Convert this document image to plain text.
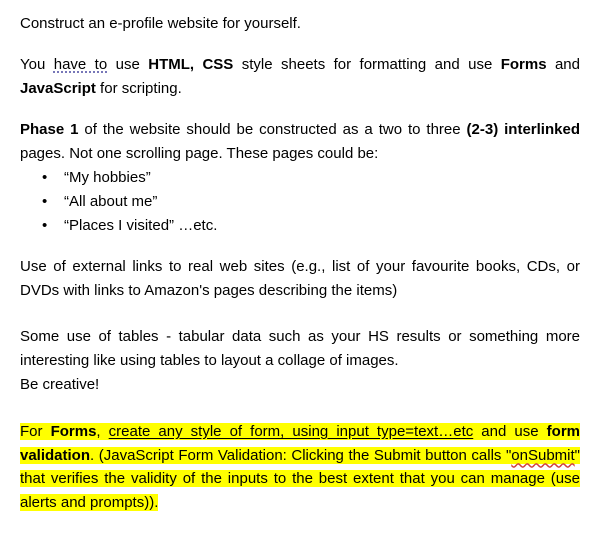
Construct an e-profile website for yourself.

You have to use HTML, CSS style sheets for formatting and use Forms and JavaScript for scripting.

Phase 1 of the website should be constructed as a two to three (2-3) interlinked pages. Not one scrolling page. These pages could be:

• “My hobbies”
• “All about me”
• “Places I visited” …etc.

Use of external links to real web sites (e.g., list of your favourite books, CDs, or DVDs with links to Amazon's pages describing the items)

Some use of tables - tabular data such as your HS results or something more interesting like using tables to layout a collage of images.

Be creative!

For Forms, create any style of form, using input type=text…etc and use form validation. (JavaScript Form Validation: Clicking the Submit button calls "onSubmit" that verifies the validity of the inputs to the best extent that you can manage (use alerts and prompts)).
